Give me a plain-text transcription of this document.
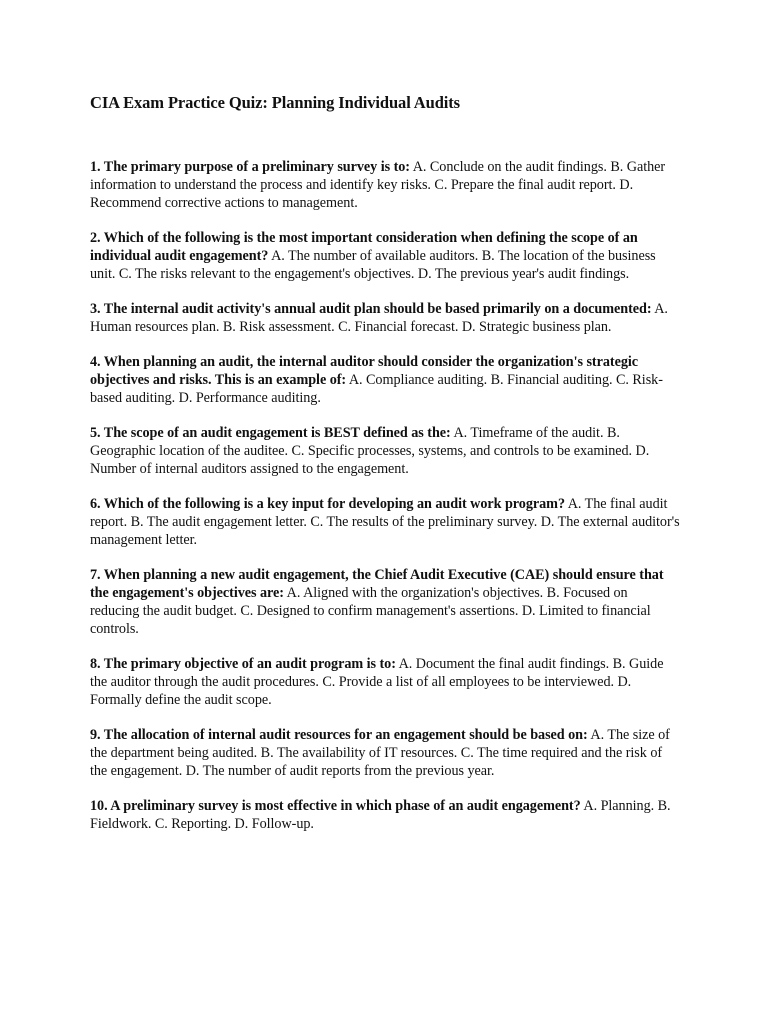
CIA Exam Practice Quiz: Planning Individual Audits

1. The primary purpose of a preliminary survey is to: A. Conclude on the audit findings. B. Gather information to understand the process and identify key risks. C. Prepare the final audit report. D. Recommend corrective actions to management.

2. Which of the following is the most important consideration when defining the scope of an individual audit engagement? A. The number of available auditors. B. The location of the business unit. C. The risks relevant to the engagement's objectives. D. The previous year's audit findings.

3. The internal audit activity's annual audit plan should be based primarily on a documented: A. Human resources plan. B. Risk assessment. C. Financial forecast. D. Strategic business plan.

4. When planning an audit, the internal auditor should consider the organization's strategic objectives and risks. This is an example of: A. Compliance auditing. B. Financial auditing. C. Risk-based auditing. D. Performance auditing.

5. The scope of an audit engagement is BEST defined as the: A. Timeframe of the audit. B. Geographic location of the auditee. C. Specific processes, systems, and controls to be examined. D. Number of internal auditors assigned to the engagement.

6. Which of the following is a key input for developing an audit work program? A. The final audit report. B. The audit engagement letter. C. The results of the preliminary survey. D. The external auditor's management letter.

7. When planning a new audit engagement, the Chief Audit Executive (CAE) should ensure that the engagement's objectives are: A. Aligned with the organization's objectives. B. Focused on reducing the audit budget. C. Designed to confirm management's assertions. D. Limited to financial controls.

8. The primary objective of an audit program is to: A. Document the final audit findings. B. Guide the auditor through the audit procedures. C. Provide a list of all employees to be interviewed. D. Formally define the audit scope.

9. The allocation of internal audit resources for an engagement should be based on: A. The size of the department being audited. B. The availability of IT resources. C. The time required and the risk of the engagement. D. The number of audit reports from the previous year.

10. A preliminary survey is most effective in which phase of an audit engagement? A. Planning. B. Fieldwork. C. Reporting. D. Follow-up.
